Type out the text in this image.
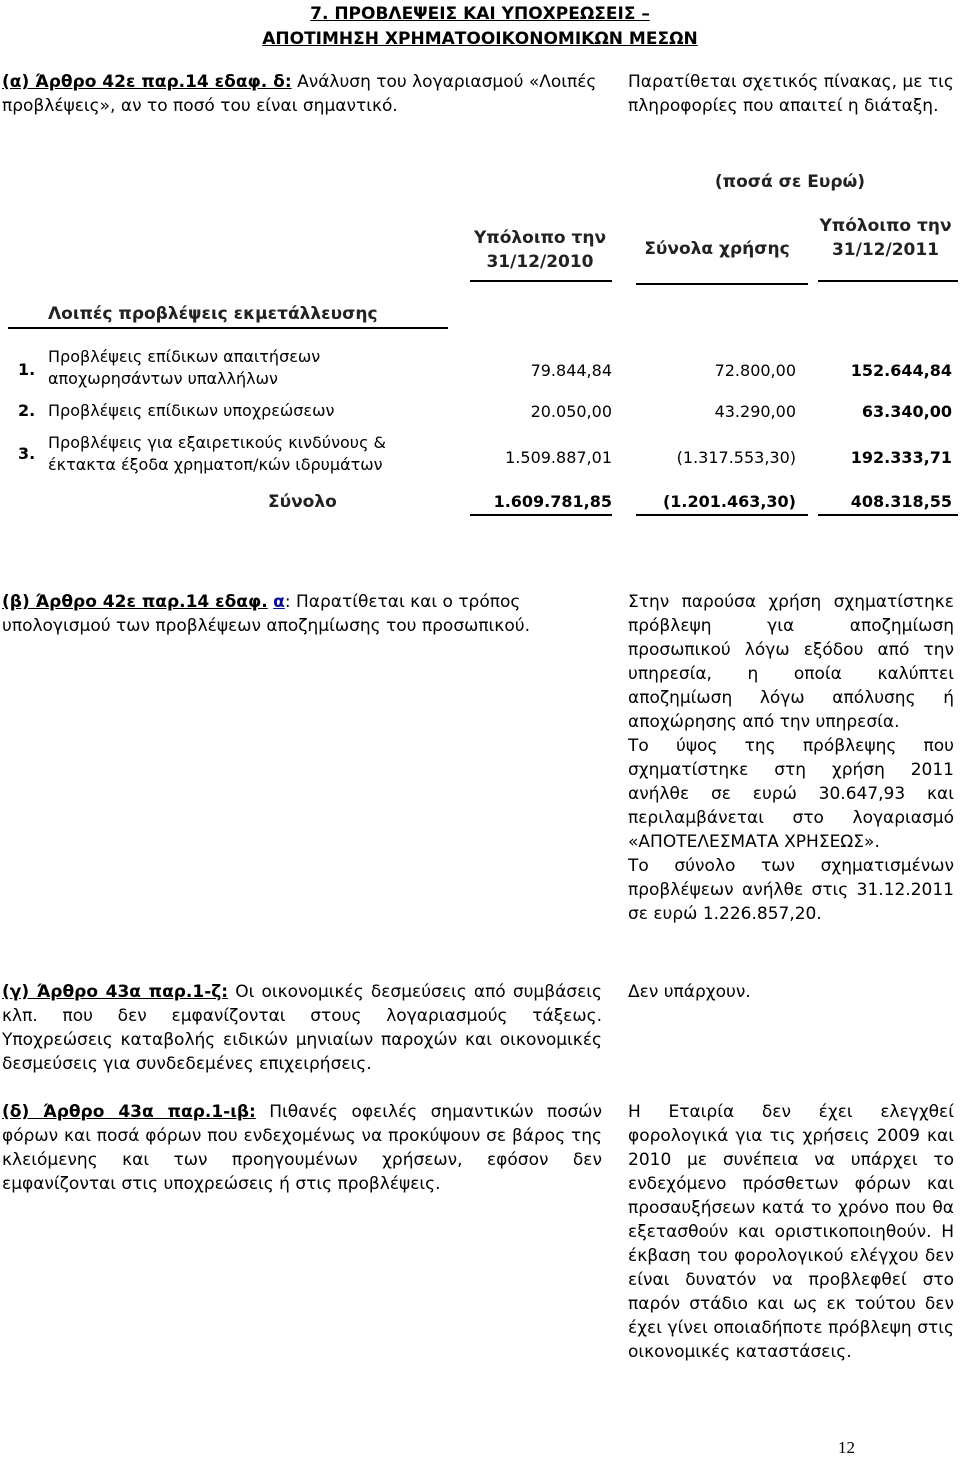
7. ΠΡΟΒΛΕΨΕΙΣ ΚΑΙ ΥΠΟΧΡΕΩΣΕΙΣ –
ΑΠΟΤΙΜΗΣΗ ΧΡΗΜΑΤΟΟΙΚΟΝΟΜΙΚΩΝ ΜΕΣΩΝ
(α) Άρθρο 42ε παρ.14 εδαφ. δ: Ανάλυση του λογαριασμού «Λοιπές προβλέψεις», αν το ποσό του είναι σημαντικό.
Παρατίθεται σχετικός πίνακας, με τις πληροφορίες που απαιτεί η διάταξη.
(ποσά σε Ευρώ)
Υπόλοιπο την 31/12/2010
Σύνολα χρήσης
Υπόλοιπο την 31/12/2011
Λοιπές προβλέψεις εκμετάλλευσης
1.
Προβλέψεις επίδικων απαιτήσεων αποχωρησάντων υπαλλήλων	79.844,84	72.800,00	152.644,84
2. Προβλέψεις επίδικων υποχρεώσεων	20.050,00	43.290,00	63.340,00
3.
Προβλέψεις για εξαιρετικούς κινδύνους & έκτακτα έξοδα χρηματοπ/κών ιδρυμάτων	1.509.887,01	(1.317.553,30)	192.333,71
Σύνολο	1.609.781,85	(1.201.463,30)	408.318,55
(β) Άρθρο 42ε παρ.14 εδαφ. α: Παρατίθεται και ο τρόπος υπολογισμού των προβλέψεων αποζημίωσης του προσωπικού.
Στην παρούσα χρήση σχηματίστηκε πρόβλεψη για αποζημίωση προσωπικού λόγω εξόδου από την υπηρεσία, η οποία καλύπτει αποζημίωση λόγω απόλυσης ή αποχώρησης από την υπηρεσία.
Το ύψος της πρόβλεψης που σχηματίστηκε στη χρήση 2011 ανήλθε σε ευρώ 30.647,93 και περιλαμβάνεται στο λογαριασμό «ΑΠΟΤΕΛΕΣΜΑΤΑ ΧΡΗΣΕΩΣ».
Το σύνολο των σχηματισμένων προβλέψεων ανήλθε στις 31.12.2011 σε ευρώ 1.226.857,20.
(γ) Άρθρο 43α παρ.1-ζ: Οι οικονομικές δεσμεύσεις από συμβάσεις κλπ. που δεν εμφανίζονται στους λογαριασμούς τάξεως. Υποχρεώσεις καταβολής ειδικών μηνιαίων παροχών και οικονομικές δεσμεύσεις για συνδεδεμένες επιχειρήσεις.
Δεν υπάρχουν.
(δ) Άρθρο 43α παρ.1-ιβ: Πιθανές οφειλές σημαντικών ποσών φόρων και ποσά φόρων που ενδεχομένως να προκύψουν σε βάρος της κλειόμενης και των προηγουμένων χρήσεων, εφόσον δεν εμφανίζονται στις υποχρεώσεις ή στις προβλέψεις.
Η Εταιρία δεν έχει ελεγχθεί φορολογικά για τις χρήσεις 2009 και 2010 με συνέπεια να υπάρχει το ενδεχόμενο πρόσθετων φόρων και προσαυξήσεων κατά το χρόνο που θα εξετασθούν και οριστικοποιηθούν. Η έκβαση του φορολογικού ελέγχου δεν είναι δυνατόν να προβλεφθεί στο παρόν στάδιο και ως εκ τούτου δεν έχει γίνει οποιαδήποτε πρόβλεψη στις οικονομικές καταστάσεις.
12
